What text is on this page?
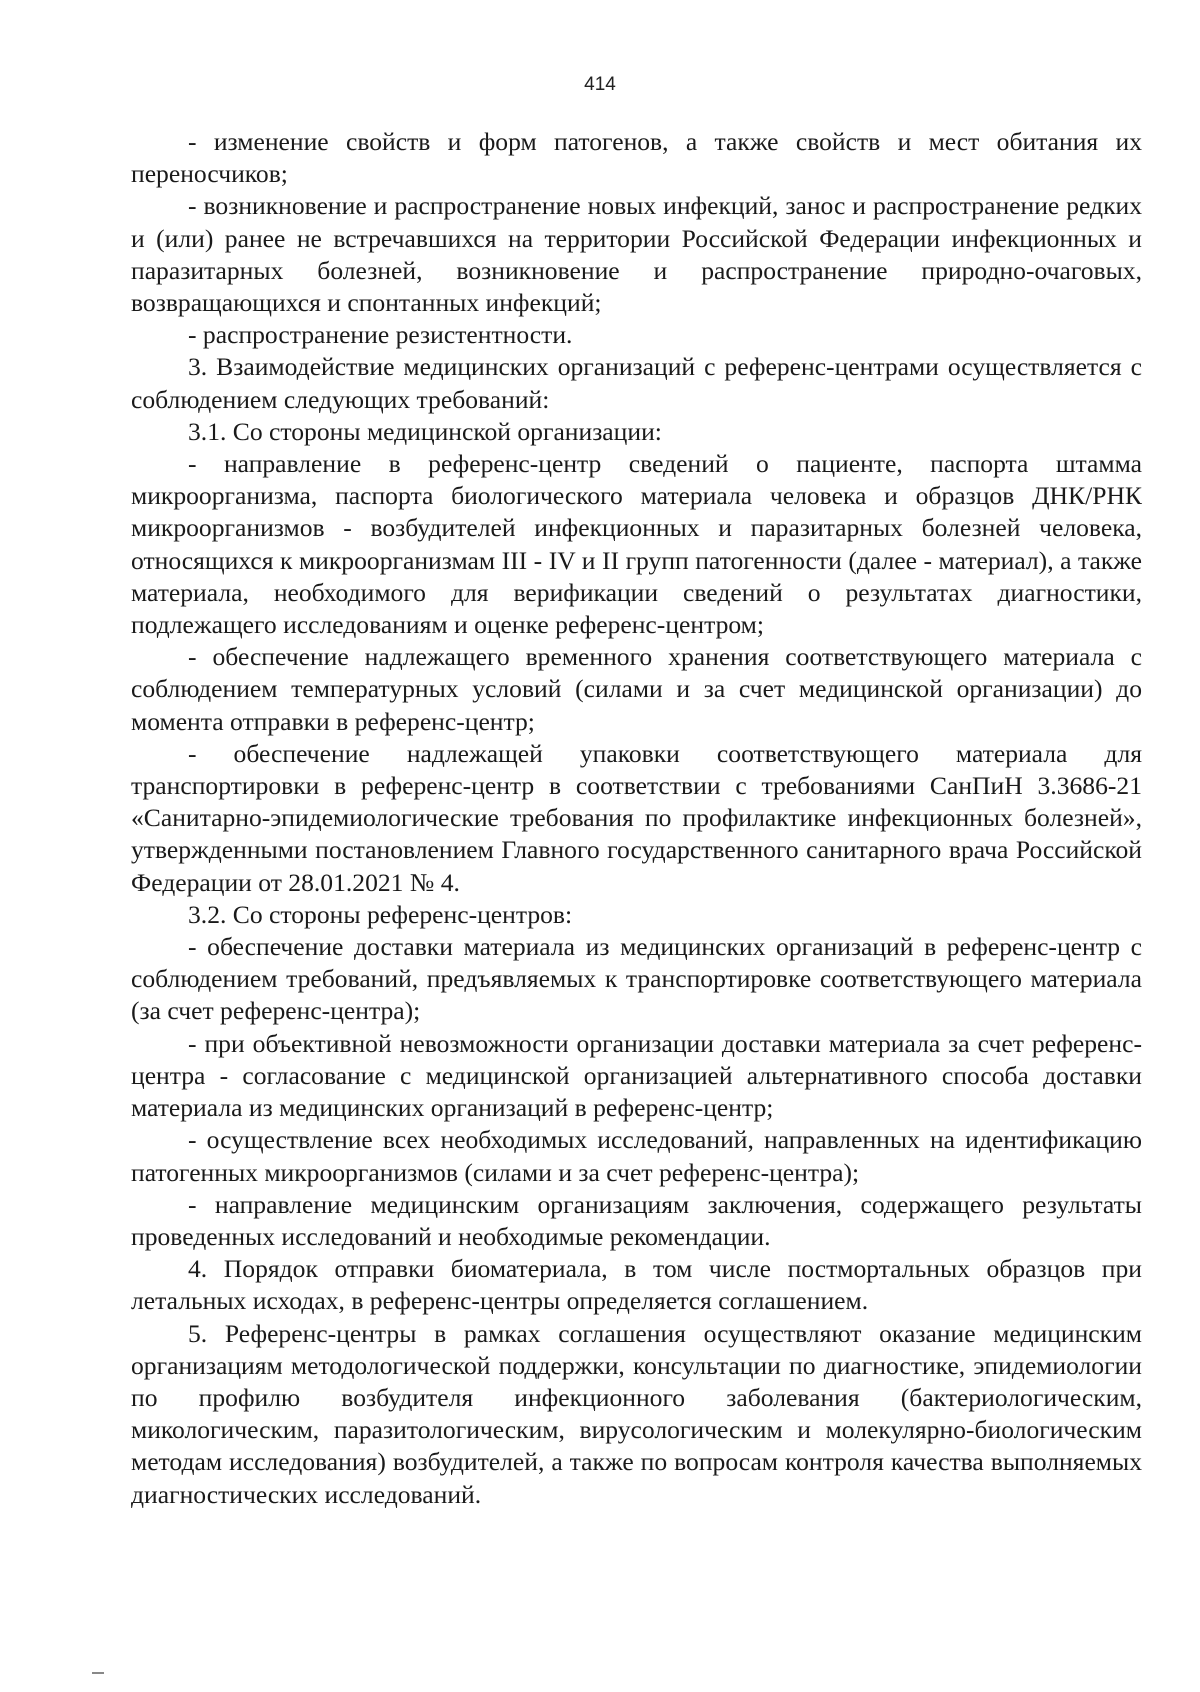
414

- изменение свойств и форм патогенов, а также свойств и мест обитания их переносчиков;

- возникновение и распространение новых инфекций, занос и распространение редких и (или) ранее не встречавшихся на территории Российской Федерации инфекционных и паразитарных болезней, возникновение и распространение природно-очаговых, возвращающихся и спонтанных инфекций;

- распространение резистентности.

3. Взаимодействие медицинских организаций с референс-центрами осуществляется с соблюдением следующих требований:

3.1. Со стороны медицинской организации:

- направление в референс-центр сведений о пациенте, паспорта штамма микроорганизма, паспорта биологического материала человека и образцов ДНК/РНК микроорганизмов - возбудителей инфекционных и паразитарных болезней человека, относящихся к микроорганизмам III - IV и II групп патогенности (далее - материал), а также материала, необходимого для верификации сведений о результатах диагностики, подлежащего исследованиям и оценке референс-центром;

- обеспечение надлежащего временного хранения соответствующего материала с соблюдением температурных условий (силами и за счет медицинской организации) до момента отправки в референс-центр;

- обеспечение надлежащей упаковки соответствующего материала для транспортировки в референс-центр в соответствии с требованиями СанПиН 3.3686-21 «Санитарно-эпидемиологические требования по профилактике инфекционных болезней», утвержденными постановлением Главного государственного санитарного врача Российской Федерации от 28.01.2021 № 4.

3.2. Со стороны референс-центров:

- обеспечение доставки материала из медицинских организаций в референс-центр с соблюдением требований, предъявляемых к транспортировке соответствующего материала (за счет референс-центра);

- при объективной невозможности организации доставки материала за счет референс-центра - согласование с медицинской организацией альтернативного способа доставки материала из медицинских организаций в референс-центр;

- осуществление всех необходимых исследований, направленных на идентификацию патогенных микроорганизмов (силами и за счет референс-центра);

- направление медицинским организациям заключения, содержащего результаты проведенных исследований и необходимые рекомендации.

4. Порядок отправки биоматериала, в том числе постмортальных образцов при летальных исходах, в референс-центры определяется соглашением.

5. Референс-центры в рамках соглашения осуществляют оказание медицинским организациям методологической поддержки, консультации по диагностике, эпидемиологии по профилю возбудителя инфекционного заболевания (бактериологическим, микологическим, паразитологическим, вирусологическим и молекулярно-биологическим методам исследования) возбудителей, а также по вопросам контроля качества выполняемых диагностических исследований.
